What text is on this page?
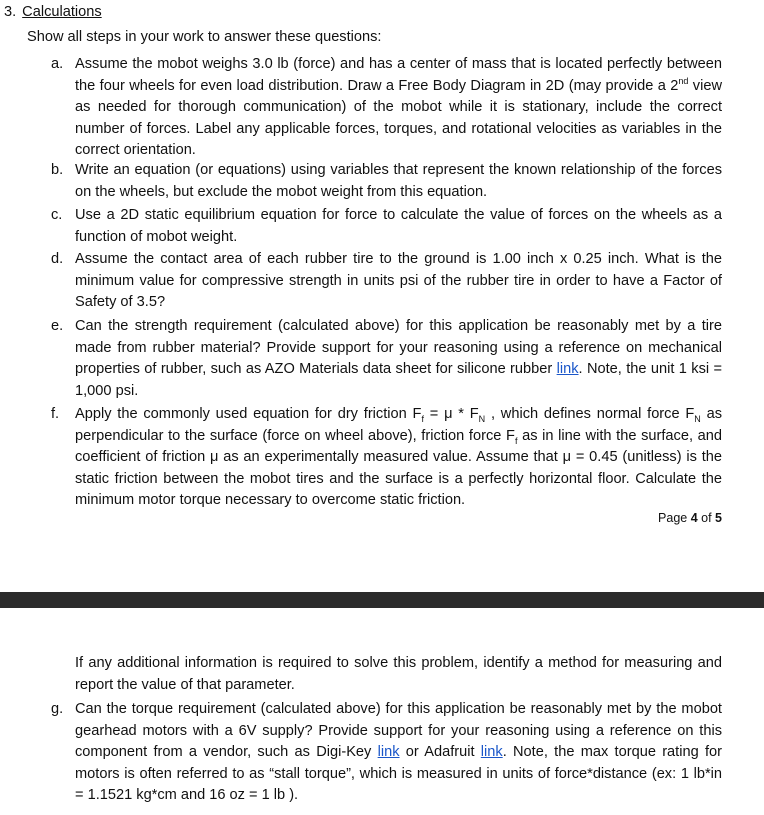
3. Calculations
Show all steps in your work to answer these questions:
a. Assume the mobot weighs 3.0 lb (force) and has a center of mass that is located perfectly between the four wheels for even load distribution. Draw a Free Body Diagram in 2D (may provide a 2nd view as needed for thorough communication) of the mobot while it is stationary, include the correct number of forces. Label any applicable forces, torques, and rotational velocities as variables in the correct orientation.
b. Write an equation (or equations) using variables that represent the known relationship of the forces on the wheels, but exclude the mobot weight from this equation.
c. Use a 2D static equilibrium equation for force to calculate the value of forces on the wheels as a function of mobot weight.
d. Assume the contact area of each rubber tire to the ground is 1.00 inch x 0.25 inch. What is the minimum value for compressive strength in units psi of the rubber tire in order to have a Factor of Safety of 3.5?
e. Can the strength requirement (calculated above) for this application be reasonably met by a tire made from rubber material? Provide support for your reasoning using a reference on mechanical properties of rubber, such as AZO Materials data sheet for silicone rubber link. Note, the unit 1 ksi = 1,000 psi.
f. Apply the commonly used equation for dry friction $F_f = \mu * F_N$ , which defines normal force $F_N$ as perpendicular to the surface (force on wheel above), friction force $F_f$ as in line with the surface, and coefficient of friction μ as an experimentally measured value. Assume that μ = 0.45 (unitless) is the static friction between the mobot tires and the surface is a perfectly horizontal floor. Calculate the minimum motor torque necessary to overcome static friction.
Page 4 of 5
If any additional information is required to solve this problem, identify a method for measuring and report the value of that parameter.
g. Can the torque requirement (calculated above) for this application be reasonably met by the mobot gearhead motors with a 6V supply? Provide support for your reasoning using a reference on this component from a vendor, such as Digi-Key link or Adafruit link. Note, the max torque rating for motors is often referred to as “stall torque”, which is measured in units of force*distance (ex: 1 lb*in = 1.1521 kg*cm and 16 oz = 1 lb ).
